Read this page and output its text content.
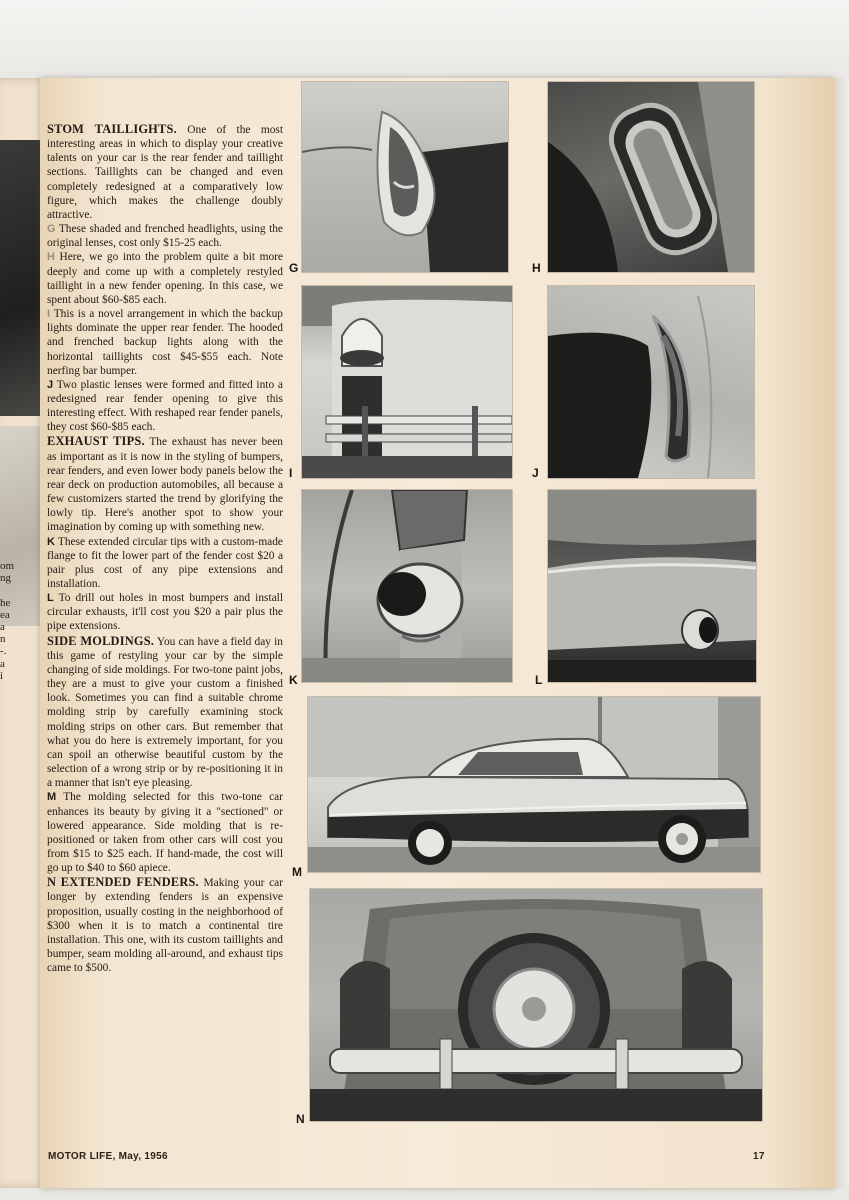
om
ng
he
ea
a
n
-.
a
i

STOM TAILLIGHTS. One of the most interesting areas in which to display your creative talents on your car is the rear fender and taillight sections. Taillights can be changed and even completely redesigned at a comparatively low figure, which makes the challenge doubly attractive.

G These shaded and frenched headlights, using the original lenses, cost only $15-25 each.

H Here, we go into the problem quite a bit more deeply and come up with a completely restyled taillight in a new fender opening. In this case, we spent about $60-$85 each.

I This is a novel arrangement in which the backup lights dominate the upper rear fender. The hooded and frenched backup lights along with the horizontal taillights cost $45-$55 each. Note nerfing bar bumper.

J Two plastic lenses were formed and fitted into a redesigned rear fender opening to give this interesting effect. With reshaped rear fender panels, they cost $60-$85 each.

EXHAUST TIPS. The exhaust has never been as important as it is now in the styling of bumpers, rear fenders, and even lower body panels below the rear deck on production automobiles, all because a few customizers started the trend by glorifying the lowly tip. Here's another spot to show your imagination by coming up with something new.

K These extended circular tips with a custom-made flange to fit the lower part of the fender cost $20 a pair plus cost of any pipe extensions and installation.

L To drill out holes in most bumpers and install circular exhausts, it'll cost you $20 a pair plus the pipe extensions.

SIDE MOLDINGS. You can have a field day in this game of restyling your car by the simple changing of side moldings. For two-tone paint jobs, they are a must to give your custom a finished look. Sometimes you can find a suitable chrome molding strip by carefully examining stock molding strips on other cars. But remember that what you do here is extremely important, for you can spoil an otherwise beautiful custom by the selection of a wrong strip or by re-positioning it in a manner that isn't eye pleasing.

M The molding selected for this two-tone car enhances its beauty by giving it a "sectioned" or lowered appearance. Side molding that is re-positioned or taken from other cars will cost you from $15 to $25 each. If hand-made, the cost will go up to $40 to $60 apiece.

N EXTENDED FENDERS. Making your car longer by extending fenders is an expensive proposition, usually costing in the neighborhood of $300 when it is to match a continental tire installation. This one, with its custom taillights and bumper, seam molding all-around, and exhaust tips came to $500.

G	H
I	J
K	L
M
N
MOTOR LIFE, May, 1956	17
